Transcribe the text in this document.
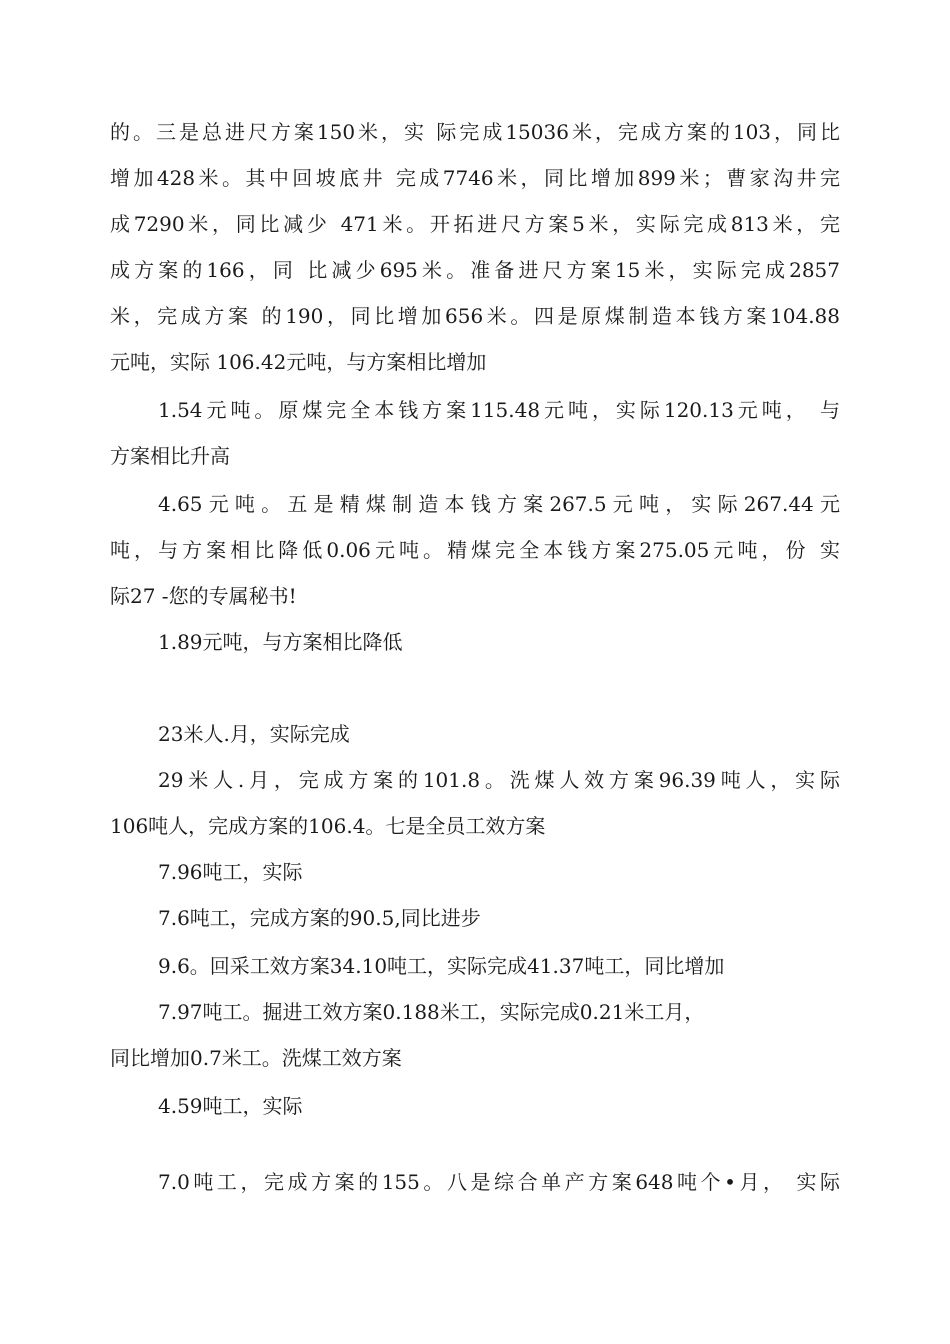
的。三是总进尺方案150米，实 际完成15036米，完成方案的103，同比
增加428米。其中回坡底井 完成7746米，同比增加899米；曹家沟井完
成7290米，同比减少 471米。开拓进尺方案5米，实际完成813米，完
成方案的166，同 比减少695米。准备进尺方案15米，实际完成2857
米，完成方案 的190，同比增加656米。四是原煤制造本钱方案104.88
元吨，实际 106.42元吨，与方案相比增加
1.54元吨。原煤完全本钱方案115.48元吨，实际120.13元吨， 与
方案相比升高
4.65元吨。五是精煤制造本钱方案267.5元吨，实际267.44元
吨，与方案相比降低0.06元吨。精煤完全本钱方案275.05元吨，份 实
际27 -您的专属秘书!
1.89元吨，与方案相比降低
23米人.月，实际完成
29米人.月，完成方案的101.8。洗煤人效方案96.39吨人，实际
106吨人，完成方案的106.4。七是全员工效方案
7.96吨工，实际
7.6吨工，完成方案的90.5,同比进步
9.6。回采工效方案34.10吨工，实际完成41.37吨工，同比增加
7.97吨工。掘进工效方案0.188米工，实际完成0.21米工月，
同比增加0.7米工。洗煤工效方案
4.59吨工，实际
7.0吨工，完成方案的155。八是综合单产方案648吨个•月， 实际
